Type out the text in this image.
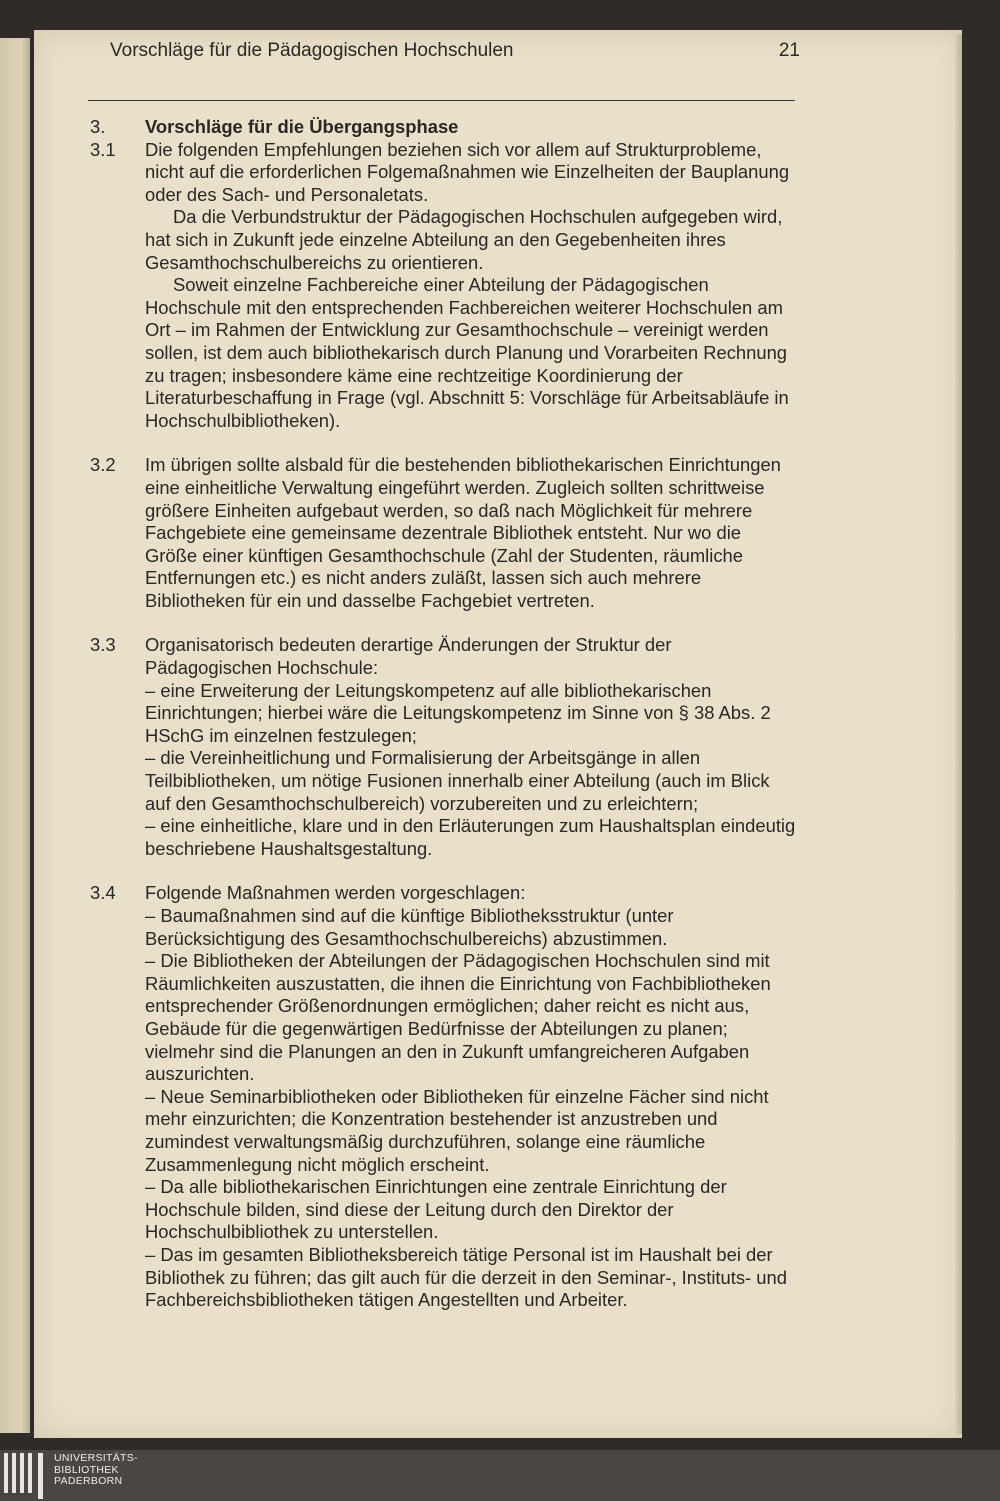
Vorschläge für die Pädagogischen Hochschulen	21
3. Vorschläge für die Übergangsphase
3.1 Die folgenden Empfehlungen beziehen sich vor allem auf Strukturprobleme, nicht auf die erforderlichen Folgemaßnahmen wie Einzelheiten der Bauplanung oder des Sach- und Personaletats.

Da die Verbundstruktur der Pädagogischen Hochschulen aufgegeben wird, hat sich in Zukunft jede einzelne Abteilung an den Gegebenheiten ihres Gesamthochschulbereichs zu orientieren.

Soweit einzelne Fachbereiche einer Abteilung der Pädagogischen Hochschule mit den entsprechenden Fachbereichen weiterer Hochschulen am Ort – im Rahmen der Entwicklung zur Gesamthochschule – vereinigt werden sollen, ist dem auch bibliothekarisch durch Planung und Vorarbeiten Rechnung zu tragen; insbesondere käme eine rechtzeitige Koordinierung der Literaturbeschaffung in Frage (vgl. Abschnitt 5: Vorschläge für Arbeitsabläufe in Hochschulbibliotheken).

3.2 Im übrigen sollte alsbald für die bestehenden bibliothekarischen Einrichtungen eine einheitliche Verwaltung eingeführt werden. Zugleich sollten schrittweise größere Einheiten aufgebaut werden, so daß nach Möglichkeit für mehrere Fachgebiete eine gemeinsame dezentrale Bibliothek entsteht. Nur wo die Größe einer künftigen Gesamthochschule (Zahl der Studenten, räumliche Entfernungen etc.) es nicht anders zuläßt, lassen sich auch mehrere Bibliotheken für ein und dasselbe Fachgebiet vertreten.

3.3 Organisatorisch bedeuten derartige Änderungen der Struktur der Pädagogischen Hochschule:

– eine Erweiterung der Leitungskompetenz auf alle bibliothekarischen Einrichtungen; hierbei wäre die Leitungskompetenz im Sinne von § 38 Abs. 2 HSchG im einzelnen festzulegen;

– die Vereinheitlichung und Formalisierung der Arbeitsgänge in allen Teilbibliotheken, um nötige Fusionen innerhalb einer Abteilung (auch im Blick auf den Gesamthochschulbereich) vorzubereiten und zu erleichtern;

– eine einheitliche, klare und in den Erläuterungen zum Haushaltsplan eindeutig beschriebene Haushaltsgestaltung.

3.4 Folgende Maßnahmen werden vorgeschlagen:

– Baumaßnahmen sind auf die künftige Bibliotheksstruktur (unter Berücksichtigung des Gesamthochschulbereichs) abzustimmen.

– Die Bibliotheken der Abteilungen der Pädagogischen Hochschulen sind mit Räumlichkeiten auszustatten, die ihnen die Einrichtung von Fachbibliotheken entsprechender Größenordnungen ermöglichen; daher reicht es nicht aus, Gebäude für die gegenwärtigen Bedürfnisse der Abteilungen zu planen; vielmehr sind die Planungen an den in Zukunft umfangreicheren Aufgaben auszurichten.

– Neue Seminarbibliotheken oder Bibliotheken für einzelne Fächer sind nicht mehr einzurichten; die Konzentration bestehender ist anzustreben und zumindest verwaltungsmäßig durchzuführen, solange eine räumliche Zusammenlegung nicht möglich erscheint.

– Da alle bibliothekarischen Einrichtungen eine zentrale Einrichtung der Hochschule bilden, sind diese der Leitung durch den Direktor der Hochschulbibliothek zu unterstellen.

– Das im gesamten Bibliotheksbereich tätige Personal ist im Haushalt bei der Bibliothek zu führen; das gilt auch für die derzeit in den Seminar-, Instituts- und Fachbereichsbibliotheken tätigen Angestellten und Arbeiter.

UNIVERSITÄTS-
BIBLIOTHEK
PADERBORN
